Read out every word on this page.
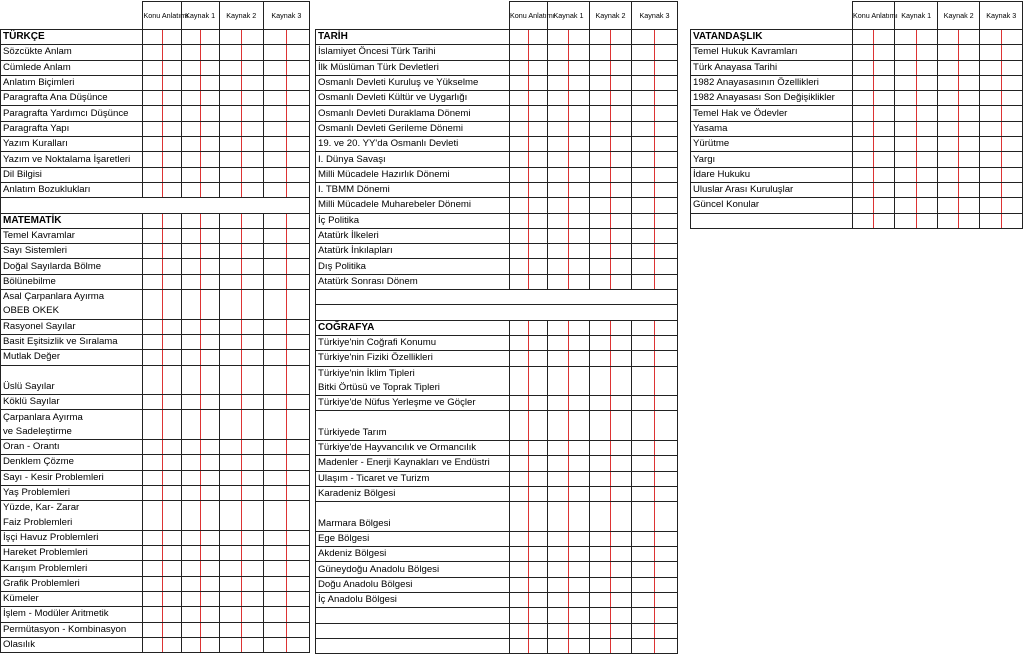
	Konu Anlatımı		Kaynak 1		Kaynak 2		Kaynak 3	
TÜRKÇE								
Sözcükte Anlam								
Cümlede Anlam								
Anlatım Biçimleri								
Paragrafta Ana Düşünce								
Paragrafta Yardımcı Düşünce								
Paragrafta Yapı								
Yazım Kuralları								
Yazım ve Noktalama İşaretleri								
Dil Bilgisi								
Anlatım Bozuklukları								

MATEMATİK								
Temel Kavramlar								
Sayı Sistemleri								
Doğal Sayılarda Bölme								
Bölünebilme								
Asal Çarpanlara Ayırma								
OBEB OKEK								
Rasyonel Sayılar								
Basit Eşitsizlik ve Sıralama								
Mutlak Değer								

Üslü Sayılar								
Köklü Sayılar								
Çarpanlara Ayırma								
ve Sadeleştirme								
Oran - Orantı								
Denklem Çözme								
Sayı - Kesir Problemleri								
Yaş Problemleri								
Yüzde, Kar- Zarar								
Faiz Problemleri								
İşçi Havuz Problemleri								
Hareket Problemleri								
Karışım Problemleri								
Grafik Problemleri								
Kümeler								
İşlem - Modüler Aritmetik								
Permütasyon - Kombinasyon								
Olasılık								
	Konu Anlatımı		Kaynak 1		Kaynak 2		Kaynak 3	
TARİH								
İslamiyet Öncesi Türk Tarihi								
İlk Müslüman Türk Devletleri								
Osmanlı Devleti Kuruluş ve Yükselme								
Osmanlı Devleti Kültür ve Uygarlığı								
Osmanlı Devleti Duraklama Dönemi								
Osmanlı Devleti Gerileme Dönemi								
19. ve 20. YY'da Osmanlı Devleti								
I. Dünya Savaşı								
Milli Mücadele Hazırlık Dönemi								
I. TBMM Dönemi								
Milli Mücadele Muharebeler Dönemi								
İç Politika								
Atatürk İlkeleri								
Atatürk İnkılapları								
Dış Politika								
Atatürk Sonrası Dönem								

COĞRAFYA								
Türkiye'nin Coğrafi Konumu								
Türkiye'nin Fiziki Özellikleri								
Türkiye'nin İklim Tipleri								
Bitki Örtüsü ve Toprak Tipleri								
Türkiye'de Nüfus Yerleşme ve Göçler								

Türkiyede Tarım								
Türkiye'de Hayvancılık ve Ormancılık								
Madenler - Enerji Kaynakları ve Endüstri								
Ulaşım - Ticaret ve Turizm								
Karadeniz Bölgesi								

Marmara Bölgesi								
Ege Bölgesi								
Akdeniz Bölgesi								
Güneydoğu Anadolu Bölgesi								
Doğu Anadolu Bölgesi								
İç Anadolu Bölgesi								

	Konu Anlatımı		Kaynak 1		Kaynak 2		Kaynak 3	
VATANDAŞLIK								
Temel Hukuk Kavramları								
Türk Anayasa Tarihi								
1982 Anayasasının Özellikleri								
1982 Anayasası Son Değişiklikler								
Temel Hak ve Ödevler								
Yasama								
Yürütme								
Yargı								
İdare Hukuku								
Uluslar Arası Kuruluşlar								
Güncel Konular								
